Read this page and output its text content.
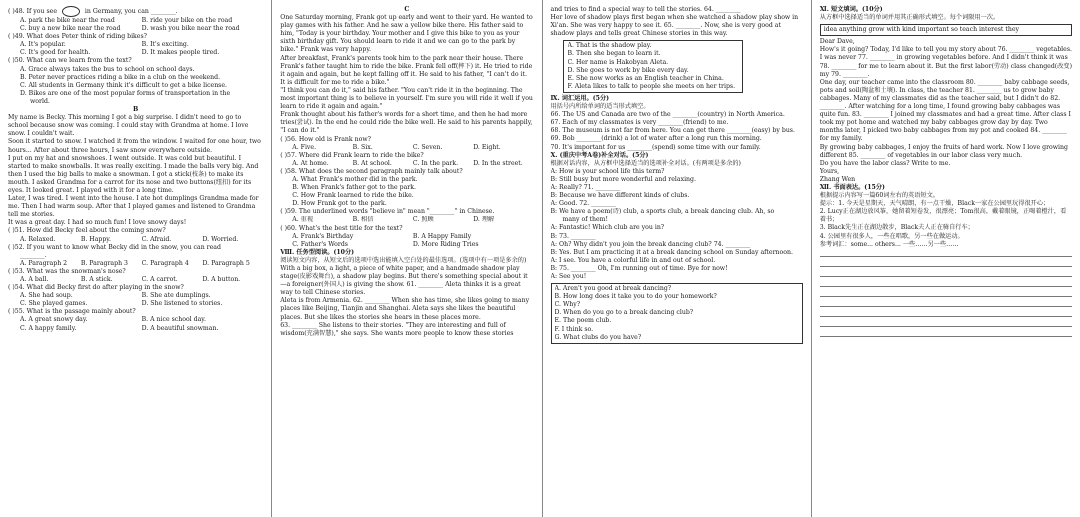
( )48. If you see	in Germany, you can ________.
A. park the bike near the road	B. ride your bike on the road
C. buy a new bike near the road	D. wash you bike near the road
( )49. What does Peter think of riding bikes?
A. It's popular.	B. It's exciting.
C. It's good for health.	D. It makes people tired.
( )50. What can we learn from the text?
A. Grace always takes the bus to school on school days.
B. Peter never practices riding a bike in a club on the weekend.
C. All students in Germany think it's difficult to get a bike license.
D. Bikes are one of the most popular forms of transportation in the
world.
B
My name is Becky. This morning I got a big surprise. I didn't need to go to school because snow was coming. I could stay with Grandma at home. I love snow. I couldn't wait.
Soon it started to snow. I watched it from the window. I waited for one hour, two hours... After about three hours, I saw snow everywhere outside.
I put on my hat and snowshoes. I went outside. It was cold but beautiful. I started to make snowballs. It was really exciting. I made the balls very big. And then I used the big balls to make a snowman. I got a stick(枝条) to make its mouth. I asked Grandma for a carrot for its nose and two buttons(纽扣) for its eyes. It looked great. I played with it for a long time.
Later, I was tired. I went into the house. I ate hot dumplings Grandma made for me. Then I had warm soup. After that I played games and listened to Grandma tell me stories.
It was a great day. I had so much fun! I love snowy days!
( )51. How did Becky feel about the coming snow?
A. Relaxed.	B. Happy.	C. Afraid.	D. Worried.
( )52. If you want to know what Becky did in the snow, you can read
________.
A. Paragraph 2	B. Paragraph 3	C. Paragraph 4	D. Paragraph 5
( )53. What was the snowman's nose?
A. A ball.	B. A stick.	C. A carrot.	D. A button.
( )54. What did Becky first do after playing in the snow?
A. She had soup.	B. She ate dumplings.
C. She played games.	D. She listened to stories.
( )55. What is the passage mainly about?
A. A great snowy day.	B. A nice school day.
C. A happy family.	D. A beautiful snowman.
C
One Saturday morning, Frank got up early and went to their yard. He wanted to play games with his father. And he saw a yellow bike there. His father said to him, "Today is your birthday. Your mother and I give this bike to you as your sixth birthday gift. You should learn to ride it and we can go to the park by bike." Frank was very happy.
After breakfast, Frank's parents took him to the park near their house. There Frank's father taught him to ride the bike. Frank fell off(摔下) it. He tried to ride it again and again, but he kept falling off it. He said to his father, "I can't do it. It is difficult for me to ride a bike."
"I think you can do it," said his father. "You can't ride it in the beginning. The most important thing is to believe in yourself. I'm sure you will ride it well if you learn to ride it again and again."
Frank thought about his father's words for a short time, and then he had more tries(尝试). In the end he could ride the bike well. He said to his parents happily, "I can do it."
( )56. How old is Frank now?
A. Five.	B. Six.	C. Seven.	D. Eight.
( )57. Where did Frank learn to ride the bike?
A. At home.	B. At school.	C. In the park.	D. In the street.
( )58. What does the second paragraph mainly talk about?
A. What Frank's mother did in the park.
B. When Frank's father got to the park.
C. How Frank learned to ride the bike.
D. How Frank got to the park.
( )59. The underlined words "believe in" mean "________" in Chinese.
A. 重视	B. 相信	C. 照顾	D. 理解
( )60. What's the best title for the text?
A. Frank's Birthday	B. A Happy Family
C. Father's Words	D. More Riding Tries
Ⅷ. 任务型阅读。(10分)
阅读短文内容，从短文后的选项中选出能填入空白处的最佳选项。(选项中有一项是多余的)
With a big box, a light, a piece of white paper, and a handmade shadow play stage(皮影戏舞台), a shadow play begins. But there's something special about it—a foreigner(外国人) is giving the show. 61. ________ Aleta thinks it is a great way to tell Chinese stories.
Aleta is from Armenia. 62. ________ When she has time, she likes going to many places like Beijing, Tianjin and Shanghai. Aleta says she likes the beautiful places. But she likes the stories she hears in these places more.
63. ________ She listens to their stories. "They are interesting and full of wisdom(充满智慧)," she says. She wants more people to know these stories
and tries to find a special way to tell the stories. 64. ________
Her love of shadow plays first began when she watched a shadow play show in Xi'an. She was very happy to see it. 65. ________. Now, she is very good at shadow plays and tells great Chinese stories in this way.
A. That is the shadow play.
B. Then she began to learn it.
C. Her name is Hakobyan Aleta.
D. She goes to work by bike every day.
E. She now works as an English teacher in China.
F. Aleta likes to talk to people she meets on her trips.
Ⅸ. 词汇运用。(5分)
用括号内所给单词的适当形式填空。
66. The US and Canada are two of the ________(country) in North America.
67. Each of my classmates is very ________(friend) to me.
68. The museum is not far from here. You can get there ________(easy) by bus.
69. Bob ________(drink) a lot of water after a long run this morning.
70. It's important for us ________(spend) some time with our family.
Ⅹ. (重庆中考A卷)补全对话。(5分)
根据对话内容，从方框中选择适当的选项补全对话。(有两项是多余的)
A: How is your school life this term?
B: Still busy but more wonderful and relaxing.
A: Really? 71. ________
B: Because we have different kinds of clubs.
A: Good. 72. ________
B: We have a poem(诗) club, a sports club, a break dancing club. Ah, so
many of them!
A: Fantastic! Which club are you in?
B: 73. ________
A: Oh? Why didn't you join the break dancing club? 74. ________
B: Yes. But I am practicing it at a break dancing school on Sunday afternoon.
A: I see. You have a colorful life in and out of school.
B: 75. ________ Oh, I'm running out of time. Bye for now!
A: See you!
A. Aren't you good at break dancing?
B. How long does it take you to do your homework?
C. Why?
D. When do you go to a break dancing club?
E. The poem club.
F. I think so.
G. What clubs do you have?
Ⅺ. 短文填词。(10分)
从方框中选择适当的单词并用其正确形式填空。每个词限用一次。
idea anything grow with kind important so teach interest they
Dear Dave,
How's it going? Today, I'd like to tell you my story about 76. ________ vegetables.
I was never 77. ________ in growing vegetables before. And I didn't think it was 78. ________ for me to learn about it. But the first labor(劳动) class changed(改变) my 79. ________.
One day, our teacher came into the classroom 80. ________ baby cabbage seeds, pots and soil(陶盆和土壤). In class, the teacher 81. ________ us to grow baby cabbages. Many of my classmates did as the teacher said, but I didn't do 82. ________. After watching for a long time, I found growing baby cabbages was quite fun. 83. ________ I joined my classmates and had a great time. After class I took my pot home and watched my baby cabbages grow day by day. Two months later, I picked two baby cabbages from my pot and cooked 84. ________ for my family.
By growing baby cabbages, I enjoy the fruits of hard work. Now I love growing different 85. ________ of vegetables in our labor class very much.
Do you have the labor class? Write to me.
Yours,
Zhang Wen
Ⅻ. 书面表达。(15分)
根据提示内容写一篇60词左右的英语短文。
提示：1. 今天是星期天，天气晴朗，有一点干燥，Black一家在公园里玩得很开心；
2. Lucy正在湖边放风筝，她留着短卷发，很漂亮；Tom很高，戴着眼镜，正喝着橙汁，看着书；
3. Black先生正在湖边散步，Black夫人正在骑自行车；
4. 公园里有很多人，一些在唱歌，另一些在做运动。
参考词汇：some... others... 一些……另一些……
